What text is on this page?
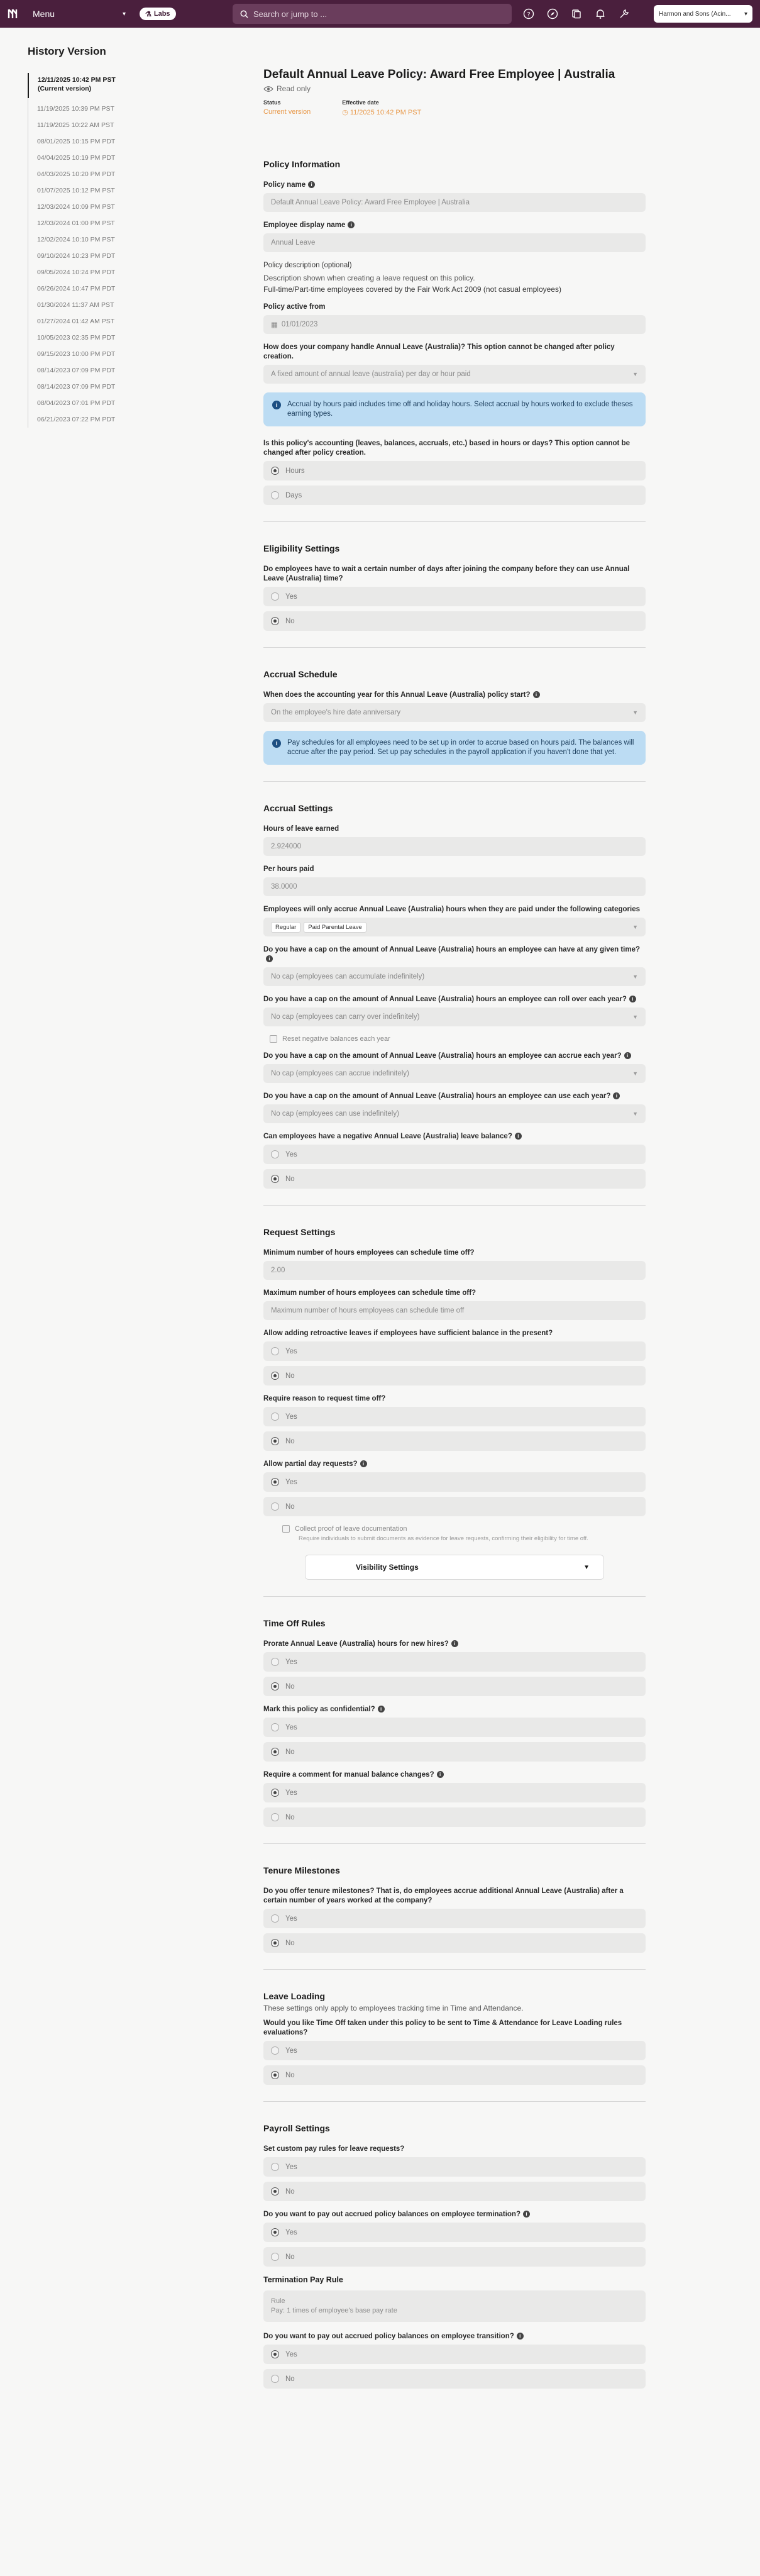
Menu	▾	⚗ Labs
Search or jump to ...	?	Harmon and Sons (Acin... ▾
History Version
12/11/2025 10:42 PM PST
(Current version)
11/19/2025 10:39 PM PST
11/19/2025 10:22 AM PST
08/01/2025 10:15 PM PDT
04/04/2025 10:19 PM PDT
04/03/2025 10:20 PM PDT
01/07/2025 10:12 PM PST
12/03/2024 10:09 PM PST
12/03/2024 01:00 PM PST
12/02/2024 10:10 PM PST
09/10/2024 10:23 PM PDT
09/05/2024 10:24 PM PDT
06/26/2024 10:47 PM PDT
01/30/2024 11:37 AM PST
01/27/2024 01:42 AM PST
10/05/2023 02:35 PM PDT
09/15/2023 10:00 PM PDT
08/14/2023 07:09 PM PDT
08/14/2023 07:09 PM PDT
08/04/2023 07:01 PM PDT
06/21/2023 07:22 PM PDT
Default Annual Leave Policy: Award Free Employee | Australia
Read only
Status
Current version
Effective date
◷ 11/2025 10:42 PM PST
Policy Information
Policy name i
Default Annual Leave Policy: Award Free Employee | Australia
Employee display name i
Annual Leave
Policy description (optional)
Description shown when creating a leave request on this policy.
Full-time/Part-time employees covered by the Fair Work Act 2009 (not casual employees)
Policy active from
▦ 01/01/2023
How does your company handle Annual Leave (Australia)? This option cannot be changed after policy creation.
A fixed amount of annual leave (australia) per day or hour paid	▼
i	Accrual by hours paid includes time off and holiday hours. Select accrual by hours worked to exclude theses earning types.
Is this policy's accounting (leaves, balances, accruals, etc.) based in hours or days? This option cannot be changed after policy creation.
Hours
Days
Eligibility Settings
Do employees have to wait a certain number of days after joining the company before they can use Annual Leave (Australia) time?
Yes
No
Accrual Schedule
When does the accounting year for this Annual Leave (Australia) policy start? i
On the employee's hire date anniversary	▼
i	Pay schedules for all employees need to be set up in order to accrue based on hours paid. The balances will accrue after the pay period. Set up pay schedules in the payroll application if you haven't done that yet.
Accrual Settings
Hours of leave earned
2.924000
Per hours paid
38.0000
Employees will only accrue Annual Leave (Australia) hours when they are paid under the following categories
Regular	Paid Parental Leave	▼
Do you have a cap on the amount of Annual Leave (Australia) hours an employee can have at any given time?i
No cap (employees can accumulate indefinitely)	▼
Do you have a cap on the amount of Annual Leave (Australia) hours an employee can roll over each year? i
No cap (employees can carry over indefinitely)	▼
Reset negative balances each year
Do you have a cap on the amount of Annual Leave (Australia) hours an employee can accrue each year? i
No cap (employees can accrue indefinitely)	▼
Do you have a cap on the amount of Annual Leave (Australia) hours an employee can use each year? i
No cap (employees can use indefinitely)	▼
Can employees have a negative Annual Leave (Australia) leave balance? i
Yes
No
Request Settings
Minimum number of hours employees can schedule time off?
2.00
Maximum number of hours employees can schedule time off?
Maximum number of hours employees can schedule time off
Allow adding retroactive leaves if employees have sufficient balance in the present?
Yes
No
Require reason to request time off?
Yes
No
Allow partial day requests? i
Yes
No
Collect proof of leave documentation
Require individuals to submit documents as evidence for leave requests, confirming their eligibility for time off.
Visibility Settings	▼
Time Off Rules
Prorate Annual Leave (Australia) hours for new hires? i
Yes
No
Mark this policy as confidential? i
Yes
No
Require a comment for manual balance changes? i
Yes
No
Tenure Milestones
Do you offer tenure milestones? That is, do employees accrue additional Annual Leave (Australia) after a certain number of years worked at the company?
Yes
No
Leave Loading
These settings only apply to employees tracking time in Time and Attendance.
Would you like Time Off taken under this policy to be sent to Time & Attendance for Leave Loading rules evaluations?
Yes
No
Payroll Settings
Set custom pay rules for leave requests?
Yes
No
Do you want to pay out accrued policy balances on employee termination? i
Yes
No
Termination Pay Rule
Rule
Pay: 1 times of employee's base pay rate
Do you want to pay out accrued policy balances on employee transition? i
Yes
No
